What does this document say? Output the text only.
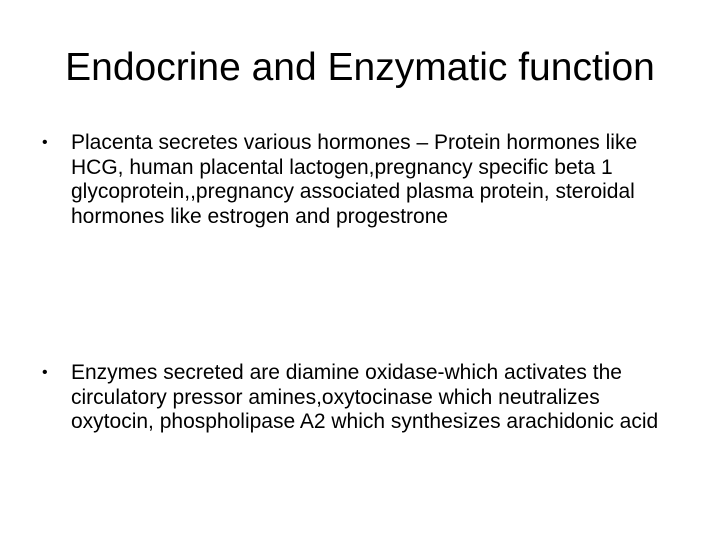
Endocrine and Enzymatic function
•	Placenta secretes various hormones – Protein hormones like HCG, human placental lactogen,pregnancy specific beta 1 glycoprotein,,pregnancy associated plasma protein, steroidal hormones like estrogen and progestrone

•	Enzymes secreted are diamine oxidase-which activates the circulatory pressor amines,oxytocinase which neutralizes oxytocin, phospholipase A2 which synthesizes arachidonic acid
